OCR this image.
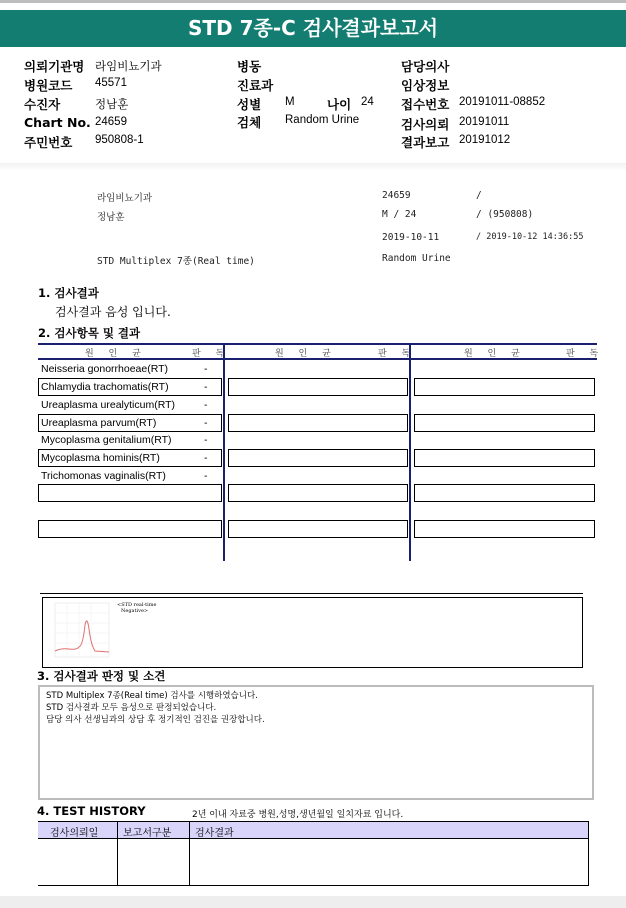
STD 7종-C 검사결과보고서
의뢰기관명 라임비뇨기과
병원코드 45571
수진자	정남훈
Chart No. 24659
주민번호 950808-1
병동
진료과
성별 M	나이 24
검체 Random Urine
담당의사
임상정보
접수번호 20191011-08852
검사의뢰 20191011
결과보고 20191012
라임비뇨기과
정남훈
STD Multiplex 7종(Real time)
24659	/
M / 24	/ (950808)
2019-10-11	/ 2019-10-12 14:36:55
Random Urine
1. 검사결과
검사결과 음성 입니다.
2. 검사항목 및 결과
원 인 균	판 독	원 인 균	판 독	원 인 균	판 독
Neisseria gonorrhoeae(RT)	-
Chlamydia trachomatis(RT)	-
Ureaplasma urealyticum(RT)	-
Ureaplasma parvum(RT)	-
Mycoplasma genitalium(RT)	-
Mycoplasma hominis(RT)	-
Trichomonas vaginalis(RT)	-
<STD real-time
Negative>
3. 검사결과 판정 및 소견
STD Multiplex 7종(Real time) 검사를 시행하였습니다.
STD 검사결과 모두 음성으로 판정되었습니다.
담당 의사 선생님과의 상담 후 정기적인 검진을 권장합니다.
4. TEST HISTORY	2년 이내 자료중 병원,성명,생년월일 일치자료 입니다.
검사의뢰일 보고서구분 검사결과
